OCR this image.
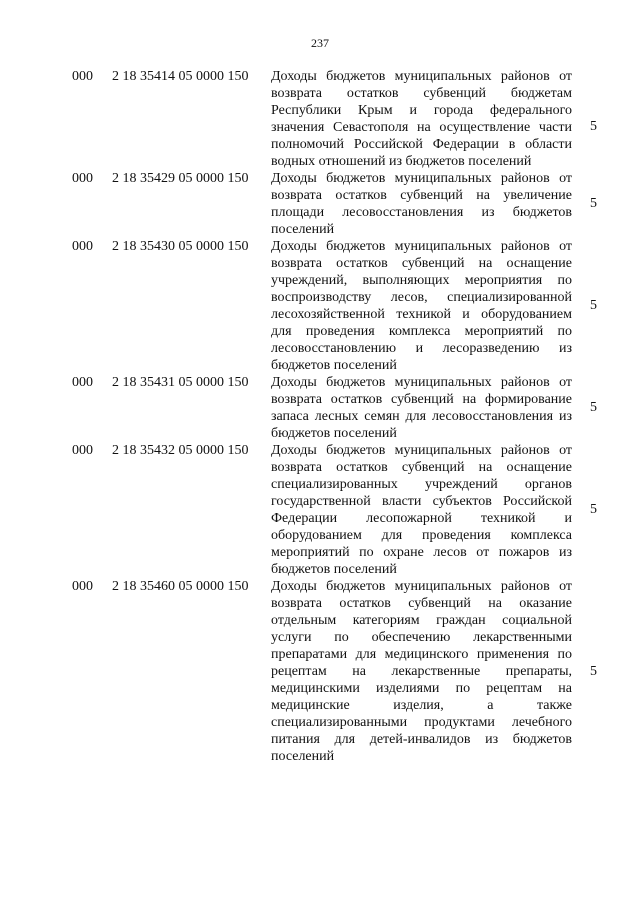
237
000 2 18 35414 05 0000 150 Доходы бюджетов муниципальных районов от возврата остатков субвенций бюджетам Республики Крым и города федерального значения Севастополя на осуществление части полномочий Российской Федерации в области водных отношений из бюджетов поселений
5
000 2 18 35429 05 0000 150 Доходы бюджетов муниципальных районов от возврата остатков субвенций на увеличение площади лесовосстановления из бюджетов поселений
5
000 2 18 35430 05 0000 150 Доходы бюджетов муниципальных районов от возврата остатков субвенций на оснащение учреждений, выполняющих мероприятия по воспроизводству лесов, специализированной лесохозяйственной техникой и оборудованием для проведения комплекса мероприятий по лесовосстановлению и лесоразведению из бюджетов поселений
5
000 2 18 35431 05 0000 150 Доходы бюджетов муниципальных районов от возврата остатков субвенций на формирование запаса лесных семян для лесовосстановления из бюджетов поселений
5
000 2 18 35432 05 0000 150 Доходы бюджетов муниципальных районов от возврата остатков субвенций на оснащение специализированных учреждений органов государственной власти субъектов Российской Федерации лесопожарной техникой и оборудованием для проведения комплекса мероприятий по охране лесов от пожаров из бюджетов поселений
5
000 2 18 35460 05 0000 150 Доходы бюджетов муниципальных районов от возврата остатков субвенций на оказание отдельным категориям граждан социальной услуги по обеспечению лекарственными препаратами для медицинского применения по рецептам на лекарственные препараты, медицинскими изделиями по рецептам на медицинские изделия, а также специализированными продуктами лечебного питания для детей-инвалидов из бюджетов поселений
5
